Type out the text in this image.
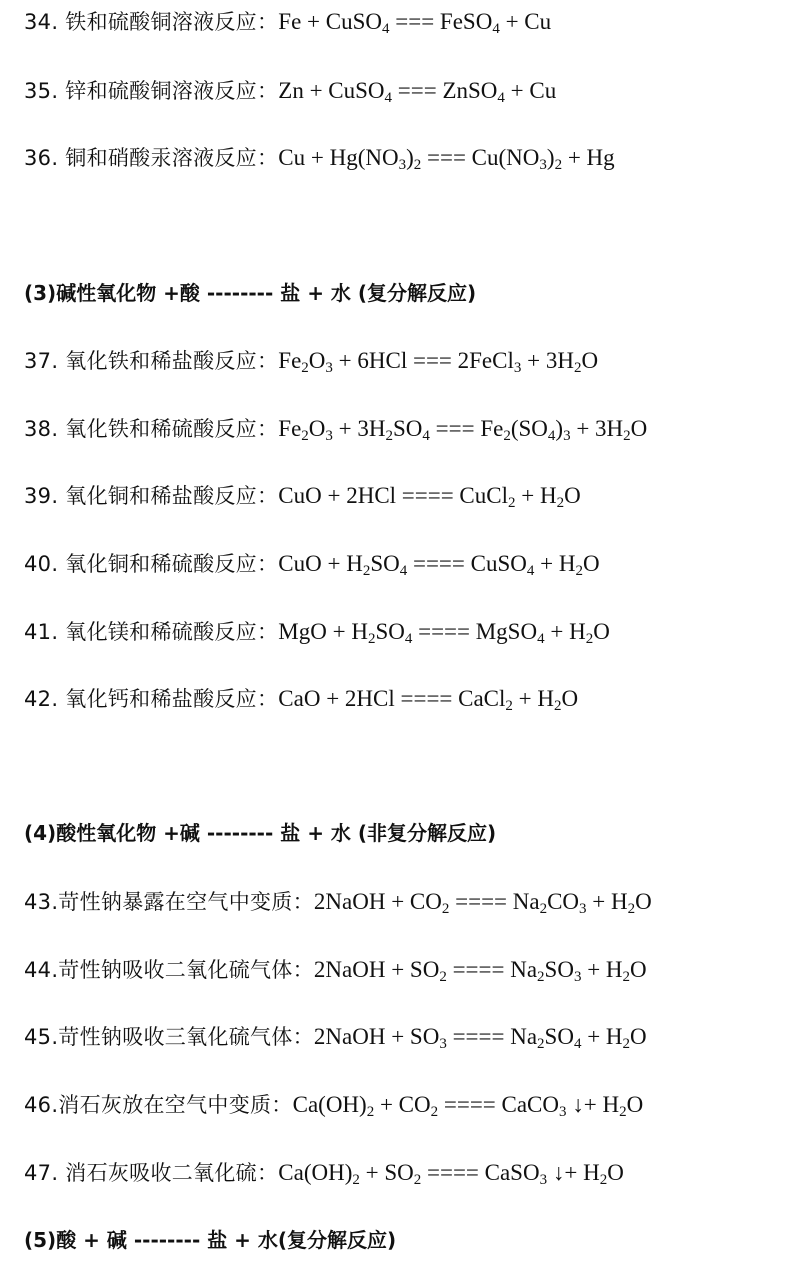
34. 铁和硫酸铜溶液反应：Fe + CuSO$_4$ === FeSO$_4$ + Cu
35. 锌和硫酸铜溶液反应：Zn + CuSO$_4$ === ZnSO$_4$ + Cu
36. 铜和硝酸汞溶液反应：$Cu + Hg(NO_3)_2$ === $Cu(NO_3)_2 + Hg$
(3)碱性氧化物 +酸 -------- 盐 + 水 (复分解反应)
37. 氧化铁和稀盐酸反应：$Fe_2O_3 + 6HCl$ === 2FeCl$_3$ + $3H_2O$
38. 氧化铁和稀硫酸反应：$Fe_2O_3 + 3H_2SO_4$ === $Fe_2(SO_4)_3 + 3H_2O$
39. 氧化铜和稀盐酸反应：CuO + 2HCl ==== CuCl$_2$ + $H_2O$
40. 氧化铜和稀硫酸反应：CuO + $H_2SO_4$ ==== CuSO$_4$ + $H_2O$
41. 氧化镁和稀硫酸反应：MgO + $H_2SO_4$ ==== MgSO$_4$ + $H_2O$
42. 氧化钙和稀盐酸反应：CaO + 2HCl ==== CaCl$_2$ + $H_2O$
(4)酸性氧化物 +碱 -------- 盐 + 水 (非复分解反应)
43.苛性钠暴露在空气中变质：2NaOH + $CO_2$ ==== $Na_2CO_3 + H_2O$
44.苛性钠吸收二氧化硫气体：2NaOH + $SO_2$ ==== $Na_2SO_3 + H_2O$
45.苛性钠吸收三氧化硫气体：2NaOH + $SO_3$ ==== $Na_2SO_4 + H_2O$
46.消石灰放在空气中变质：$Ca(OH)_2 + CO_2$ ==== CaCO$_3$ ↓+ $H_2O$
47. 消石灰吸收二氧化硫：$Ca(OH)_2 + SO_2$ ==== CaSO$_3$ ↓+ $H_2O$
(5)酸 + 碱 -------- 盐 + 水(复分解反应)
